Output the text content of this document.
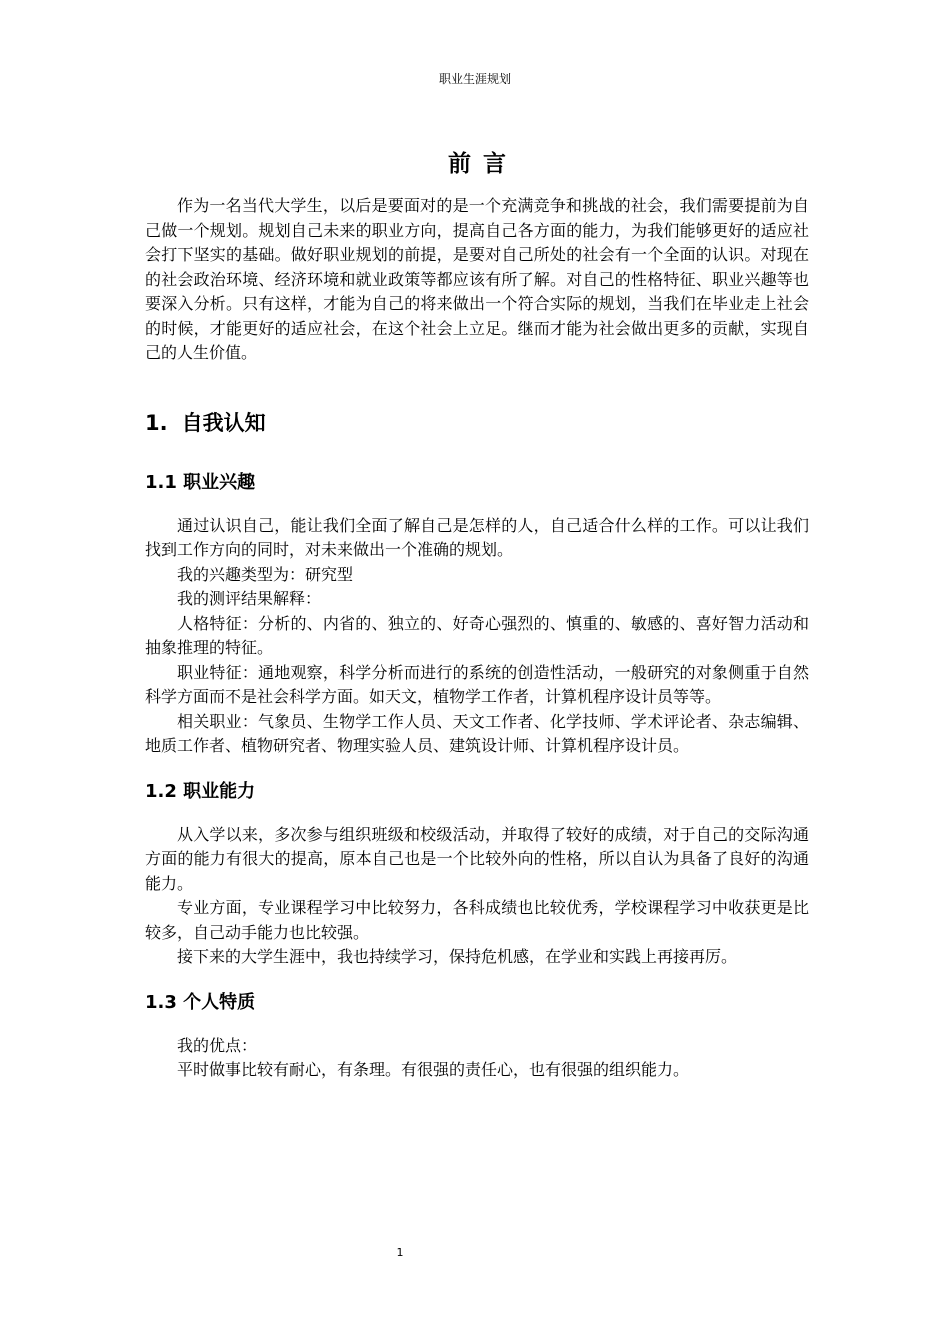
职业生涯规划
前言

作为一名当代大学生，以后是要面对的是一个充满竞争和挑战的社会，我们需要提前为自己做一个规划。规划自己未来的职业方向，提高自己各方面的能力，为我们能够更好的适应社会打下坚实的基础。做好职业规划的前提，是要对自己所处的社会有一个全面的认识。对现在的社会政治环境、经济环境和就业政策等都应该有所了解。对自己的性格特征、职业兴趣等也要深入分析。只有这样，才能为自己的将来做出一个符合实际的规划，当我们在毕业走上社会的时候，才能更好的适应社会，在这个社会上立足。继而才能为社会做出更多的贡献，实现自己的人生价值。

1. 自我认知
1.1 职业兴趣

通过认识自己，能让我们全面了解自己是怎样的人，自己适合什么样的工作。可以让我们找到工作方向的同时，对未来做出一个准确的规划。

我的兴趣类型为：研究型

我的测评结果解释：

人格特征：分析的、内省的、独立的、好奇心强烈的、慎重的、敏感的、喜好智力活动和抽象推理的特征。

职业特征：通地观察，科学分析而进行的系统的创造性活动，一般研究的对象侧重于自然科学方面而不是社会科学方面。如天文，植物学工作者，计算机程序设计员等等。

相关职业：气象员、生物学工作人员、天文工作者、化学技师、学术评论者、杂志编辑、地质工作者、植物研究者、物理实验人员、建筑设计师、计算机程序设计员。

1.2 职业能力

从入学以来，多次参与组织班级和校级活动，并取得了较好的成绩，对于自己的交际沟通方面的能力有很大的提高，原本自己也是一个比较外向的性格，所以自认为具备了良好的沟通能力。

专业方面，专业课程学习中比较努力，各科成绩也比较优秀，学校课程学习中收获更是比较多，自己动手能力也比较强。

接下来的大学生涯中，我也持续学习，保持危机感，在学业和实践上再接再厉。

1.3 个人特质

我的优点：

平时做事比较有耐心，有条理。有很强的责任心，也有很强的组织能力。

1
